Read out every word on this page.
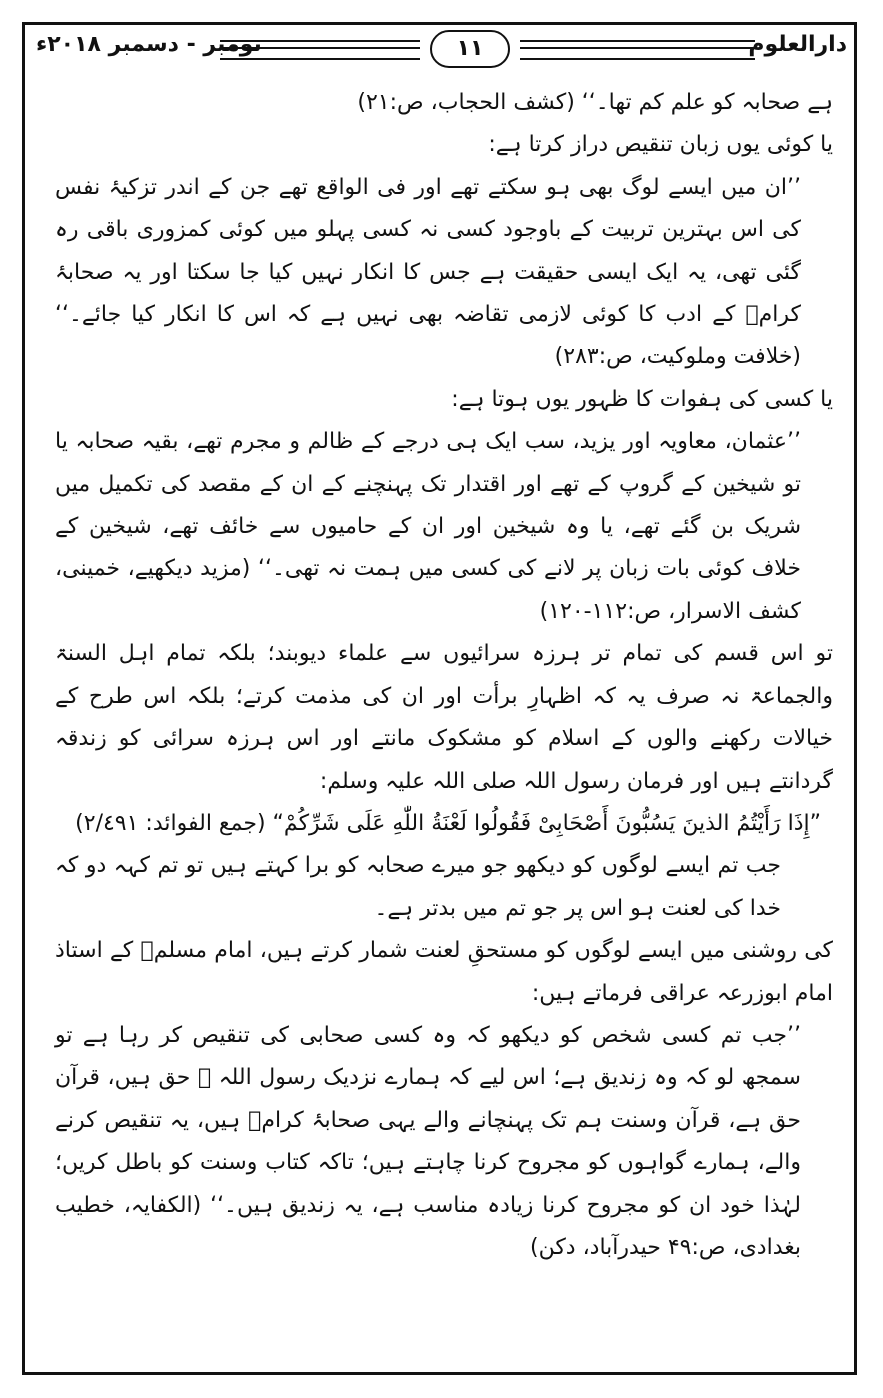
دارالعلوم
۱۱
نومبر - دسمبر ۲۰۱۸ء

ہے صحابہ کو علم کم تھا۔‘‘ (کشف الحجاب، ص:۲۱)

یا کوئی یوں زبان تنقیص دراز کرتا ہے:

’’ان میں ایسے لوگ بھی ہو سکتے تھے اور فی الواقع تھے جن کے اندر تزکیۂ نفس کی اس بہترین تربیت کے باوجود کسی نہ کسی پہلو میں کوئی کمزوری باقی رہ گئی تھی، یہ ایک ایسی حقیقت ہے جس کا انکار نہیں کیا جا سکتا اور یہ صحابۂ کرامؓ کے ادب کا کوئی لازمی تقاضہ بھی نہیں ہے کہ اس کا انکار کیا جائے۔‘‘ (خلافت وملوکیت، ص:۲۸۳)

یا کسی کی ہفوات کا ظہور یوں ہوتا ہے:

’’عثمان، معاویہ اور یزید، سب ایک ہی درجے کے ظالم و مجرم تھے، بقیہ صحابہ یا تو شیخین کے گروپ کے تھے اور اقتدار تک پہنچنے کے ان کے مقصد کی تکمیل میں شریک بن گئے تھے، یا وہ شیخین اور ان کے حامیوں سے خائف تھے، شیخین کے خلاف کوئی بات زبان پر لانے کی کسی میں ہمت نہ تھی۔‘‘ (مزید دیکھیے، خمینی، کشف الاسرار، ص:۱۱۲-۱۲۰)

تو اس قسم کی تمام تر ہرزہ سرائیوں سے علماء دیوبند؛ بلکہ تمام اہل السنۃ والجماعۃ نہ صرف یہ کہ اظہارِ برأت اور ان کی مذمت کرتے؛ بلکہ اس طرح کے خیالات رکھنے والوں کے اسلام کو مشکوک مانتے اور اس ہرزہ سرائی کو زندقہ گردانتے ہیں اور فرمان رسول اللہ صلی اللہ علیہ وسلم:

”إِذَا رَأَيْتُمُ الذينَ يَسُبُّونَ أَصْحَابِىْ فَقُولُوا لَعْنَةُ اللّٰهِ عَلَى شَرِّكُمْ“ (جمع الفوائد: ٢/٤٩١)

جب تم ایسے لوگوں کو دیکھو جو میرے صحابہ کو برا کہتے ہیں تو تم کہہ دو کہ خدا کی لعنت ہو اس پر جو تم میں بدتر ہے۔

کی روشنی میں ایسے لوگوں کو مستحقِ لعنت شمار کرتے ہیں، امام مسلمؒ کے استاذ امام ابوزرعہ عراقی فرماتے ہیں:

’’جب تم کسی شخص کو دیکھو کہ وہ کسی صحابی کی تنقیص کر رہا ہے تو سمجھ لو کہ وہ زندیق ہے؛ اس لیے کہ ہمارے نزدیک رسول اللہ ﷺ حق ہیں، قرآن حق ہے، قرآن وسنت ہم تک پہنچانے والے یہی صحابۂ کرامؓ ہیں، یہ تنقیص کرنے والے، ہمارے گواہوں کو مجروح کرنا چاہتے ہیں؛ تاکہ کتاب وسنت کو باطل کریں؛ لہٰذا خود ان کو مجروح کرنا زیادہ مناسب ہے، یہ زندیق ہیں۔‘‘ (الکفایہ، خطیب بغدادی، ص:۴۹ حیدرآباد، دکن)
